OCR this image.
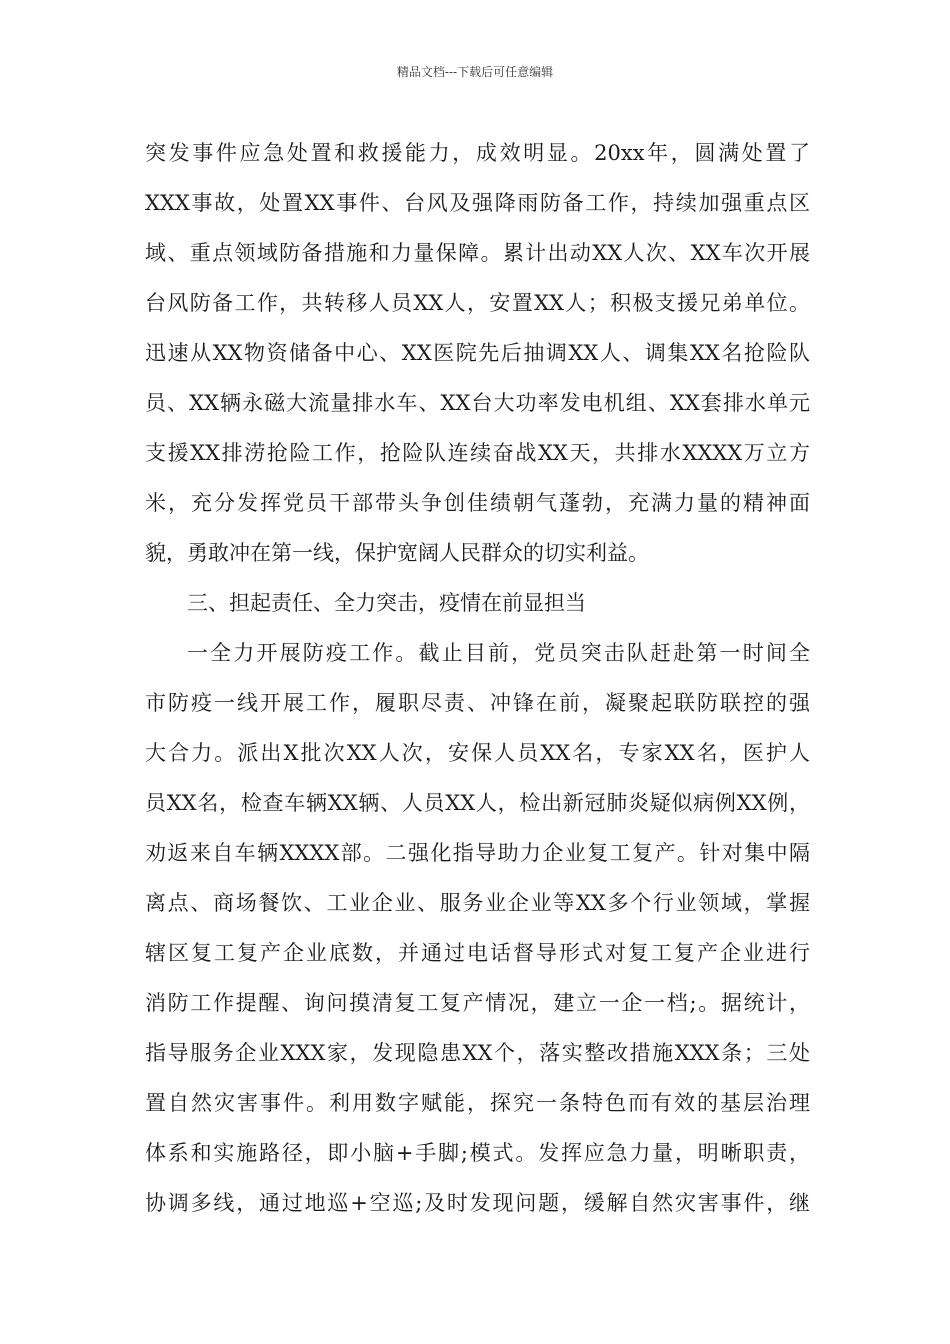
精品文档---下载后可任意编辑
突发事件应急处置和救援能力，成效明显。20xx年，圆满处置了
XXX事故，处置XX事件、台风及强降雨防备工作，持续加强重点区
域、重点领域防备措施和力量保障。累计出动XX人次、XX车次开展
台风防备工作，共转移人员XX人，安置XX人；积极支援兄弟单位。
迅速从XX物资储备中心、XX医院先后抽调XX人、调集XX名抢险队
员、XX辆永磁大流量排水车、XX台大功率发电机组、XX套排水单元
支援XX排涝抢险工作，抢险队连续奋战XX天，共排水XXXX万立方
米，充分发挥党员干部带头争创佳绩朝气蓬勃，充满力量的精神面
貌，勇敢冲在第一线，保护宽阔人民群众的切实利益。
三、担起责任、全力突击，疫情在前显担当
一全力开展防疫工作。截止目前，党员突击队赶赴第一时间全
市防疫一线开展工作，履职尽责、冲锋在前，凝聚起联防联控的强
大合力。派出X批次XX人次，安保人员XX名，专家XX名，医护人
员XX名，检查车辆XX辆、人员XX人，检出新冠肺炎疑似病例XX例，
劝返来自车辆XXXX部。二强化指导助力企业复工复产。针对集中隔
离点、商场餐饮、工业企业、服务业企业等XX多个行业领域，掌握
辖区复工复产企业底数，并通过电话督导形式对复工复产企业进行
消防工作提醒、询问摸清复工复产情况，建立一企一档;。据统计，
指导服务企业XXX家，发现隐患XX个，落实整改措施XXX条；三处
置自然灾害事件。利用数字赋能，探究一条特色而有效的基层治理
体系和实施路径，即小脑+手脚;模式。发挥应急力量，明晰职责，
协调多线，通过地巡+空巡;及时发现问题，缓解自然灾害事件，继
